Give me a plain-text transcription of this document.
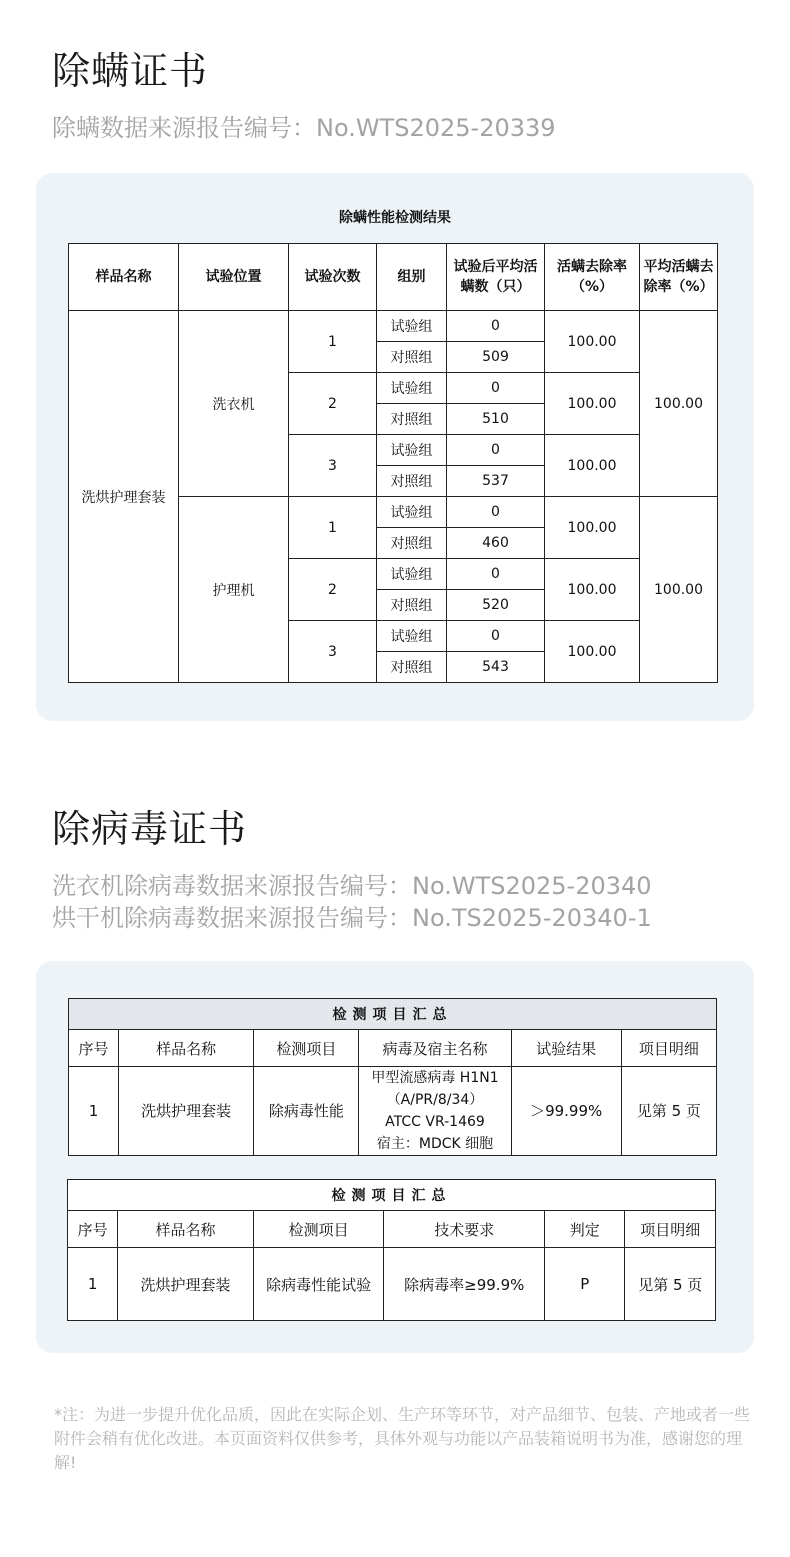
除螨证书
除螨数据来源报告编号：No.WTS2025-20339
除螨性能检测结果
样品名称	试验位置	试验次数	组别	试验后平均活螨数（只）	活螨去除率（%）	平均活螨去除率（%）
洗烘护理套装	洗衣机	1	试验组	0	100.00	100.00
			对照组	509		
		2	试验组	0	100.00	
			对照组	510		
		3	试验组	0	100.00	
			对照组	537		
	护理机	1	试验组	0	100.00	100.00
			对照组	460		
		2	试验组	0	100.00	
			对照组	520		
		3	试验组	0	100.00	
			对照组	543		
除病毒证书
洗衣机除病毒数据来源报告编号：No.WTS2025-20340
烘干机除病毒数据来源报告编号：No.TS2025-20340-1
检测项目汇总					
序号	样品名称	检测项目	病毒及宿主名称	试验结果	项目明细
1	洗烘护理套装	除病毒性能	甲型流感病毒 H1N1
（A/PR/8/34）
ATCC VR-1469
宿主：MDCK 细胞	＞99.99%	见第 5 页
检测项目汇总					
序号	样品名称	检测项目	技术要求	判定	项目明细
1	洗烘护理套装	除病毒性能试验	除病毒率≥99.9%	P	见第 5 页
*注：为进一步提升优化品质，因此在实际企划、生产环等环节，对产品细节、包装、产地或者一些附件会稍有优化改进。本页面资料仅供参考，具体外观与功能以产品装箱说明书为准，感谢您的理解!
